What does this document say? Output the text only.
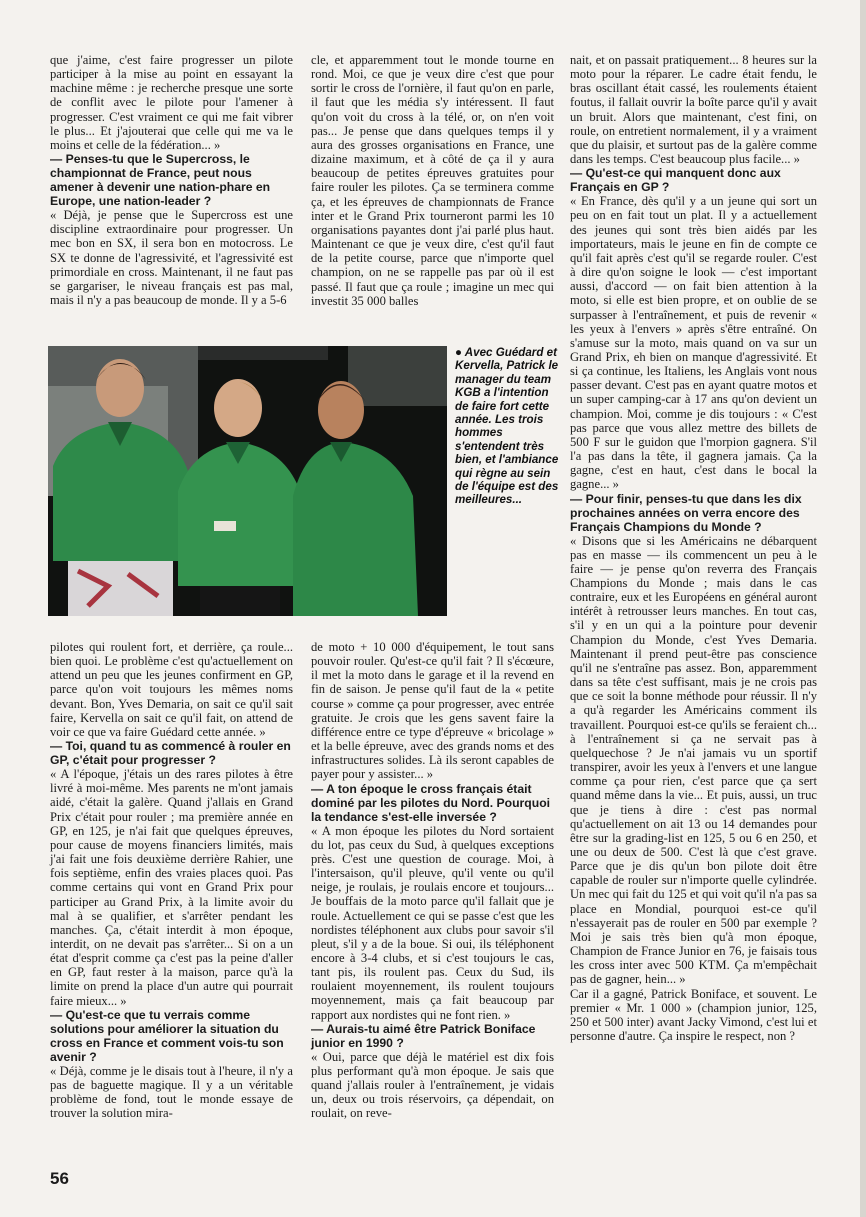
que j'aime, c'est faire progresser un pilote participer à la mise au point en essayant la machine même : je recherche presque une sorte de conflit avec le pilote pour l'amener à progresser. C'est vraiment ce qui me fait vibrer le plus... Et j'ajouterai que celle qui me va le moins et celle de la fédération... »

— Penses-tu que le Supercross, le championnat de France, peut nous amener à devenir une nation-phare en Europe, une nation-leader ?

« Déjà, je pense que le Supercross est une discipline extraordinaire pour progresser. Un mec bon en SX, il sera bon en motocross. Le SX te donne de l'agressivité, et l'agressivité est primordiale en cross. Maintenant, il ne faut pas se gargariser, le niveau français est pas mal, mais il n'y a pas beaucoup de monde. Il y a 5-6

cle, et apparemment tout le monde tourne en rond. Moi, ce que je veux dire c'est que pour sortir le cross de l'ornière, il faut qu'on en parle, il faut que les média s'y intéressent. Il faut qu'on voit du cross à la télé, or, on n'en voit pas... Je pense que dans quelques temps il y aura des grosses organisations en France, une dizaine maximum, et à côté de ça il y aura beaucoup de petites épreuves gratuites pour faire rouler les pilotes. Ça se terminera comme ça, et les épreuves de championnats de France inter et le Grand Prix tourneront parmi les 10 organisations payantes dont j'ai parlé plus haut. Maintenant ce que je veux dire, c'est qu'il faut de la petite course, parce que n'importe quel champion, on ne se rappelle pas par où il est passé. Il faut que ça roule ; imagine un mec qui investit 35 000 balles

nait, et on passait pratiquement... 8 heures sur la moto pour la réparer. Le cadre était fendu, le bras oscillant était cassé, les roulements étaient foutus, il fallait ouvrir la boîte parce qu'il y avait un bruit. Alors que maintenant, c'est fini, on roule, on entretient normalement, il y a vraiment que du plaisir, et surtout pas de la galère comme dans les temps. C'est beaucoup plus facile... »

— Qu'est-ce qui manquent donc aux Français en GP ?

« En France, dès qu'il y a un jeune qui sort un peu on en fait tout un plat. Il y a actuellement des jeunes qui sont très bien aidés par les importateurs, mais le jeune en fin de compte ce qu'il fait après c'est qu'il se regarde rouler. C'est à dire qu'on soigne le look — c'est important aussi, d'accord — on fait bien attention à la moto, si elle est bien propre, et on oublie de se surpasser à l'entraînement, et puis de revenir « les yeux à l'envers » après s'être entraîné. On s'amuse sur la moto, mais quand on va sur un Grand Prix, eh bien on manque d'agressivité. Et si ça continue, les Italiens, les Anglais vont nous passer devant. C'est pas en ayant quatre motos et un super camping-car à 17 ans qu'on devient un champion. Moi, comme je dis toujours : « C'est pas parce que vous allez mettre des billets de 500 F sur le guidon que l'morpion gagnera. S'il l'a pas dans la tête, il gagnera jamais. Ça la gagne, c'est en haut, c'est dans le bocal la gagne... »

— Pour finir, penses-tu que dans les dix prochaines années on verra encore des Français Champions du Monde ?

« Disons que si les Américains ne débarquent pas en masse — ils commencent un peu à le faire — je pense qu'on reverra des Français Champions du Monde ; mais dans le cas contraire, eux et les Européens en général auront intérêt à retrousser leurs manches. En tout cas, s'il y en un qui a la pointure pour devenir Champion du Monde, c'est Yves Demaria. Maintenant il prend peut-être pas conscience qu'il ne s'entraîne pas assez. Bon, apparemment dans sa tête c'est suffisant, mais je ne crois pas que ce soit la bonne méthode pour réussir. Il n'y a qu'à regarder les Américains comment ils travaillent. Pourquoi est-ce qu'ils se feraient ch... à l'entraînement si ça ne servait pas à quelquechose ? Je n'ai jamais vu un sportif transpirer, avoir les yeux à l'envers et une langue comme ça pour rien, c'est parce que ça sert quand même dans la vie... Et puis, aussi, un truc que je tiens à dire : c'est pas normal qu'actuellement on ait 13 ou 14 demandes pour être sur la grading-list en 125, 5 ou 6 en 250, et une ou deux de 500. C'est là que c'est grave. Parce que je dis qu'un bon pilote doit être capable de rouler sur n'importe quelle cylindrée. Un mec qui fait du 125 et qui voit qu'il n'a pas sa place en Mondial, pourquoi est-ce qu'il n'essayerait pas de rouler en 500 par exemple ? Moi je sais très bien qu'à mon époque, Champion de France Junior en 76, je faisais tous les cross inter avec 500 KTM. Ça m'empêchait pas de gagner, hein... »

Car il a gagné, Patrick Boniface, et souvent. Le premier « Mr. 1 000 » (champion junior, 125, 250 et 500 inter) avant Jacky Vimond, c'est lui et personne d'autre. Ça inspire le respect, non ?

● Avec Guédard et Kervella, Patrick le manager du team KGB a l'intention de faire fort cette année. Les trois hommes s'entendent très bien, et l'ambiance qui règne au sein de l'équipe est des meilleures...

pilotes qui roulent fort, et derrière, ça roule... bien quoi. Le problème c'est qu'actuellement on attend un peu que les jeunes confirment en GP, parce qu'on voit toujours les mêmes noms devant. Bon, Yves Demaria, on sait ce qu'il sait faire, Kervella on sait ce qu'il fait, on attend de voir ce que va faire Guédard cette année. »

— Toi, quand tu as commencé à rouler en GP, c'était pour progresser ?

« A l'époque, j'étais un des rares pilotes à être livré à moi-même. Mes parents ne m'ont jamais aidé, c'était la galère. Quand j'allais en Grand Prix c'était pour rouler ; ma première année en GP, en 125, je n'ai fait que quelques épreuves, pour cause de moyens financiers limités, mais j'ai fait une fois deuxième derrière Rahier, une fois septième, enfin des vraies places quoi. Pas comme certains qui vont en Grand Prix pour participer au Grand Prix, à la limite avoir du mal à se qualifier, et s'arrêter pendant les manches. Ça, c'était interdit à mon époque, interdit, on ne devait pas s'arrêter... Si on a un état d'esprit comme ça c'est pas la peine d'aller en GP, faut rester à la maison, parce qu'à la limite on prend la place d'un autre qui pourrait faire mieux... »

— Qu'est-ce que tu verrais comme solutions pour améliorer la situation du cross en France et comment vois-tu son avenir ?

« Déjà, comme je le disais tout à l'heure, il n'y a pas de baguette magique. Il y a un véritable problème de fond, tout le monde essaye de trouver la solution mira-

de moto + 10 000 d'équipement, le tout sans pouvoir rouler. Qu'est-ce qu'il fait ? Il s'écœure, il met la moto dans le garage et il la revend en fin de saison. Je pense qu'il faut de la « petite course » comme ça pour progresser, avec entrée gratuite. Je crois que les gens savent faire la différence entre ce type d'épreuve « bricolage » et la belle épreuve, avec des grands noms et des infrastructures solides. Là ils seront capables de payer pour y assister... »

— A ton époque le cross français était dominé par les pilotes du Nord. Pourquoi la tendance s'est-elle inversée ?

« A mon époque les pilotes du Nord sortaient du lot, pas ceux du Sud, à quelques exceptions près. C'est une question de courage. Moi, à l'intersaison, qu'il pleuve, qu'il vente ou qu'il neige, je roulais, je roulais encore et toujours... Je bouffais de la moto parce qu'il fallait que je roule. Actuellement ce qui se passe c'est que les nordistes téléphonent aux clubs pour savoir s'il pleut, s'il y a de la boue. Si oui, ils téléphonent encore à 3-4 clubs, et si c'est toujours le cas, tant pis, ils roulent pas. Ceux du Sud, ils roulaient moyennement, ils roulent toujours moyennement, mais ça fait beaucoup par rapport aux nordistes qui ne font rien. »

— Aurais-tu aimé être Patrick Boniface junior en 1990 ?

« Oui, parce que déjà le matériel est dix fois plus performant qu'à mon époque. Je sais que quand j'allais rouler à l'entraînement, je vidais un, deux ou trois réservoirs, ça dépendait, on roulait, on reve-

56
